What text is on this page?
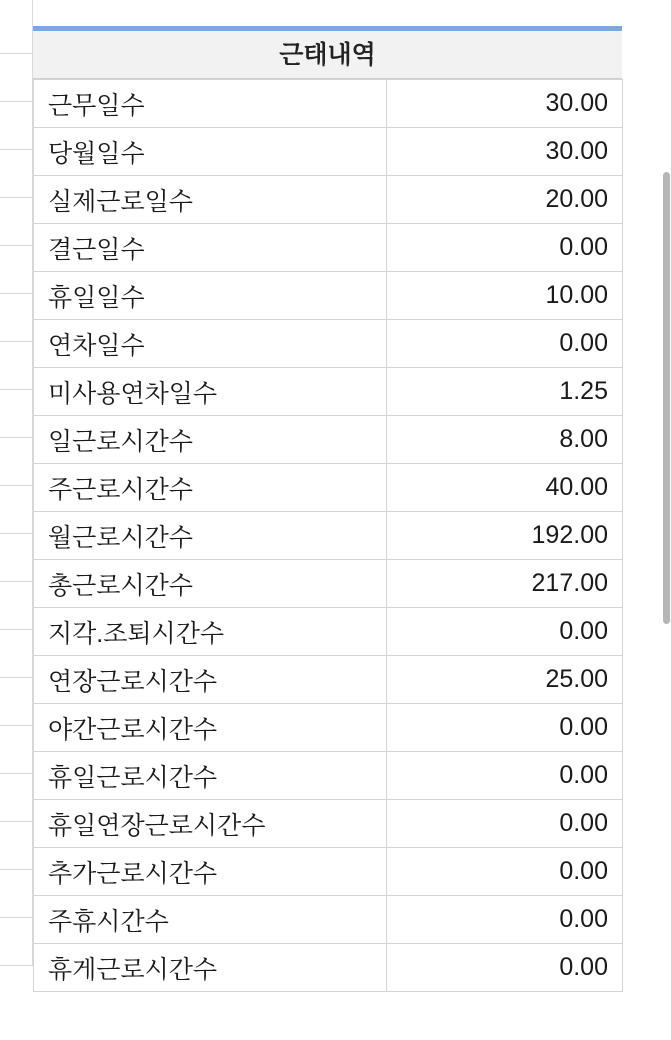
근태내역
근무일수	30.00
당월일수	30.00
실제근로일수	20.00
결근일수	0.00
휴일일수	10.00
연차일수	0.00
미사용연차일수	1.25
일근로시간수	8.00
주근로시간수	40.00
월근로시간수	192.00
총근로시간수	217.00
지각.조퇴시간수	0.00
연장근로시간수	25.00
야간근로시간수	0.00
휴일근로시간수	0.00
휴일연장근로시간수	0.00
추가근로시간수	0.00
주휴시간수	0.00
휴게근로시간수	0.00
